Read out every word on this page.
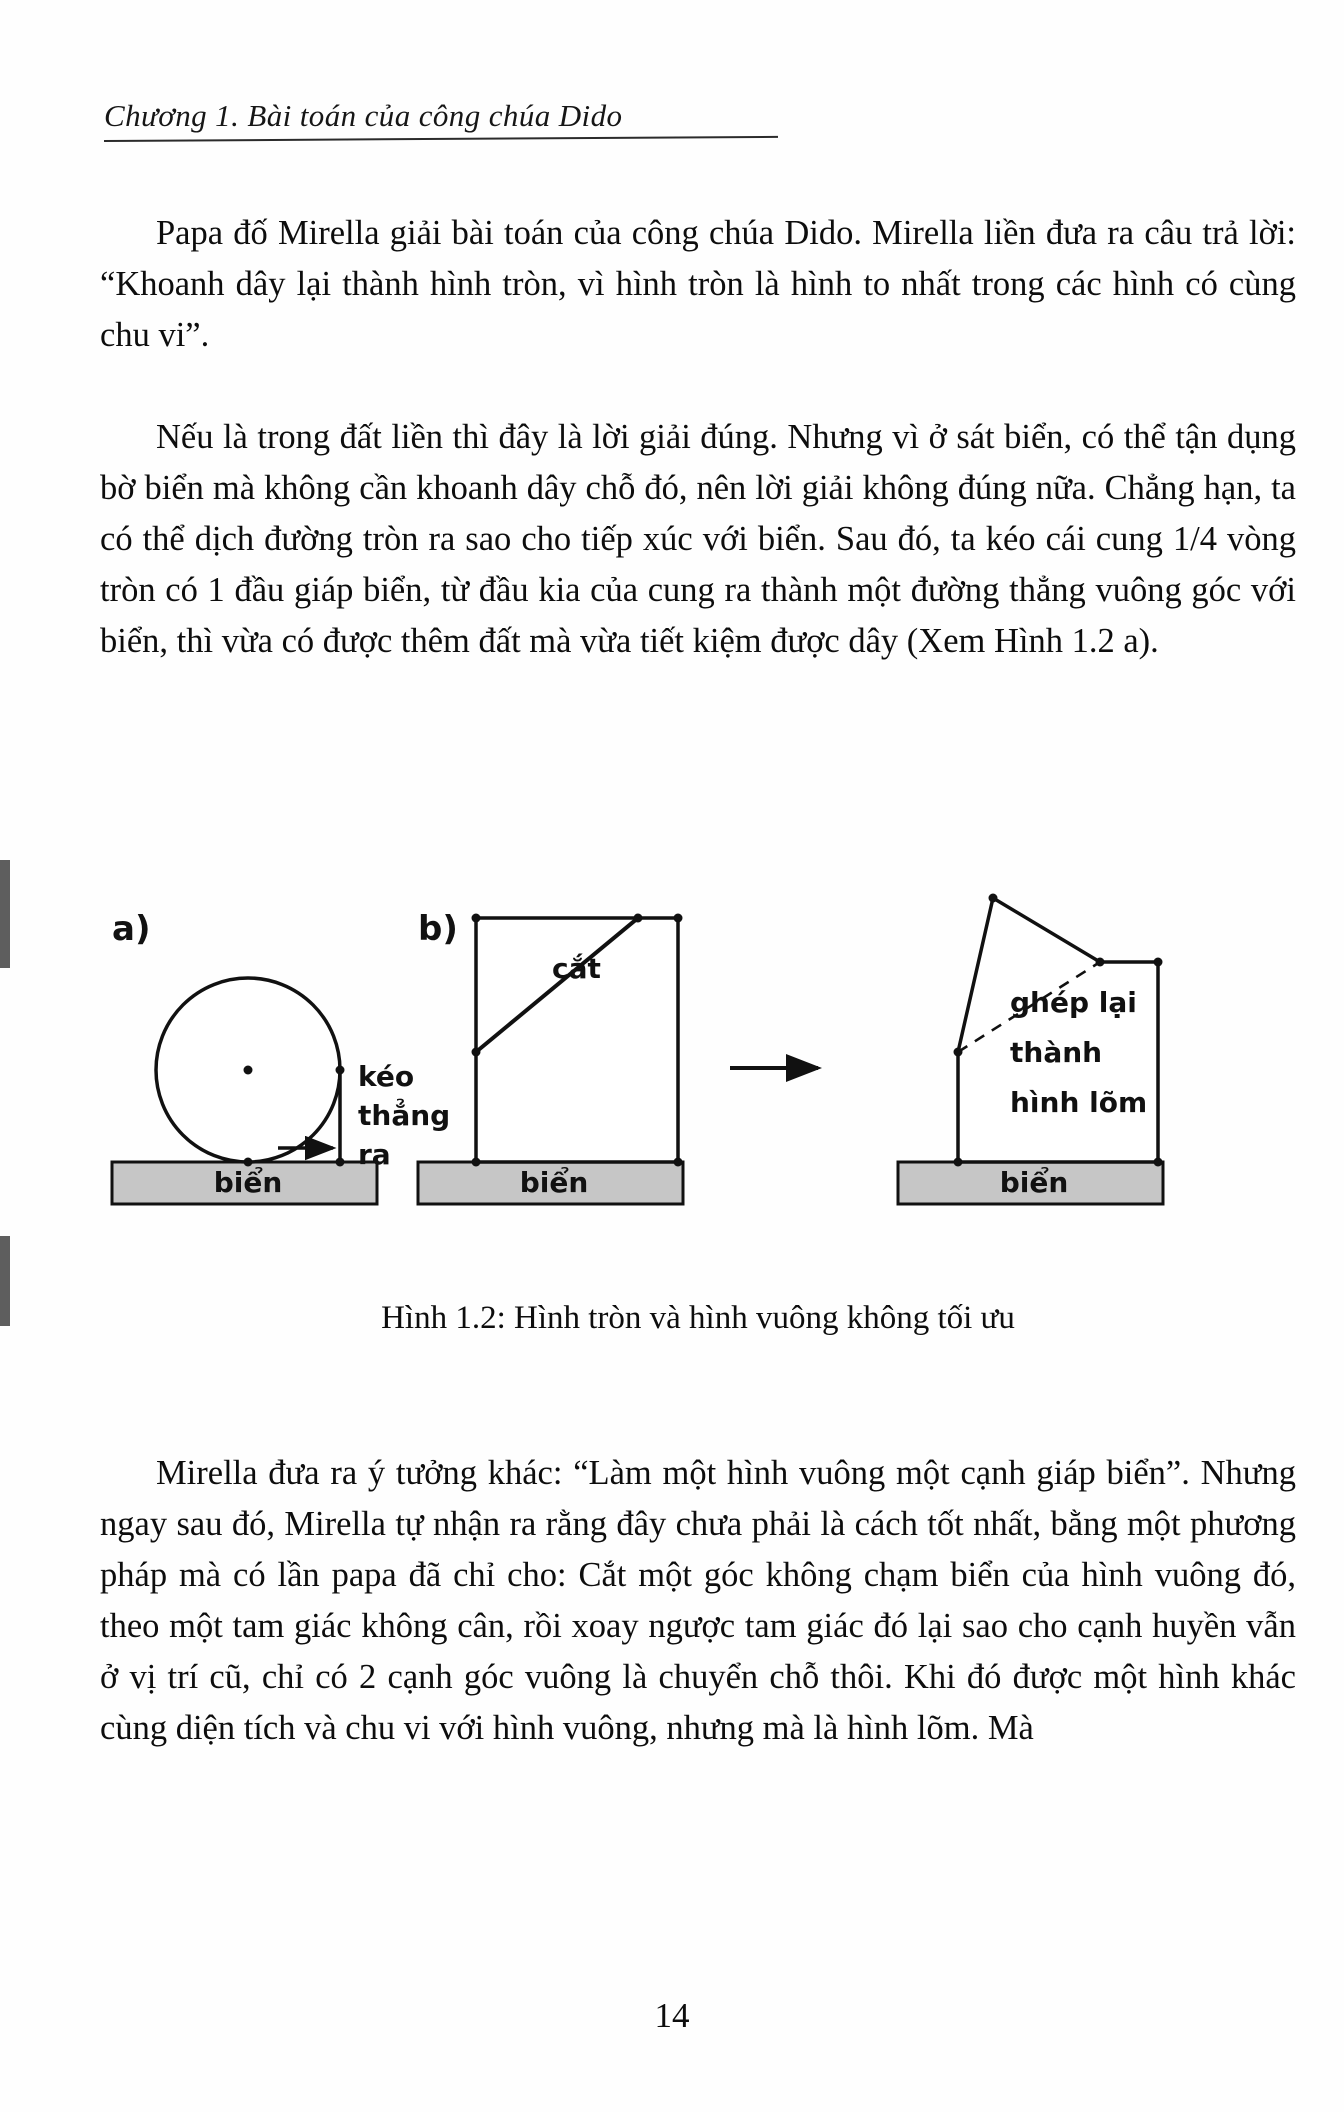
Chương 1. Bài toán của công chúa Dido

Papa đố Mirella giải bài toán của công chúa Dido. Mirella liền đưa ra câu trả lời: “Khoanh dây lại thành hình tròn, vì hình tròn là hình to nhất trong các hình có cùng chu vi”.

Nếu là trong đất liền thì đây là lời giải đúng. Nhưng vì ở sát biển, có thể tận dụng bờ biển mà không cần khoanh dây chỗ đó, nên lời giải không đúng nữa. Chẳng hạn, ta có thể dịch đường tròn ra sao cho tiếp xúc với biển. Sau đó, ta kéo cái cung 1/4 vòng tròn có 1 đầu giáp biển, từ đầu kia của cung ra thành một đường thẳng vuông góc với biển, thì vừa có được thêm đất mà vừa tiết kiệm được dây (Xem Hình 1.2 a).

a)
kéo
thẳng
ra
biển
b)
cắt
biển
ghép lại
thành
hình lõm
biển
Hình 1.2: Hình tròn và hình vuông không tối ưu

Mirella đưa ra ý tưởng khác: “Làm một hình vuông một cạnh giáp biển”. Nhưng ngay sau đó, Mirella tự nhận ra rằng đây chưa phải là cách tốt nhất, bằng một phương pháp mà có lần papa đã chỉ cho: Cắt một góc không chạm biển của hình vuông đó, theo một tam giác không cân, rồi xoay ngược tam giác đó lại sao cho cạnh huyền vẫn ở vị trí cũ, chỉ có 2 cạnh góc vuông là chuyển chỗ thôi. Khi đó được một hình khác cùng diện tích và chu vi với hình vuông, nhưng mà là hình lõm. Mà

14
